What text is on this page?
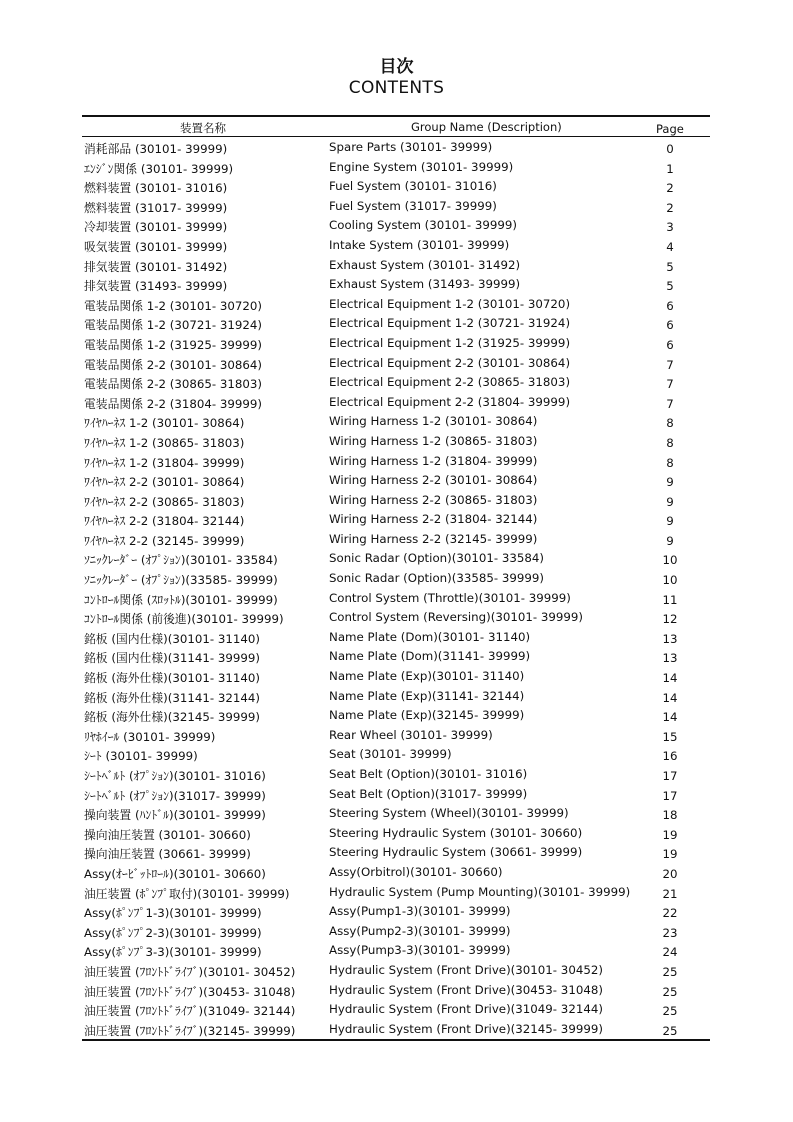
目次
CONTENTS
装置名称	Group Name (Description)	Page
消耗部品 (30101- 39999)	Spare Parts (30101- 39999)	0
ｴﾝｼﾞﾝ関係 (30101- 39999)	Engine System (30101- 39999)	1
燃料装置 (30101- 31016)	Fuel System (30101- 31016)	2
燃料装置 (31017- 39999)	Fuel System (31017- 39999)	2
冷却装置 (30101- 39999)	Cooling System (30101- 39999)	3
吸気装置 (30101- 39999)	Intake System (30101- 39999)	4
排気装置 (30101- 31492)	Exhaust System (30101- 31492)	5
排気装置 (31493- 39999)	Exhaust System (31493- 39999)	5
電装品関係 1-2 (30101- 30720)	Electrical Equipment 1-2 (30101- 30720)	6
電装品関係 1-2 (30721- 31924)	Electrical Equipment 1-2 (30721- 31924)	6
電装品関係 1-2 (31925- 39999)	Electrical Equipment 1-2 (31925- 39999)	6
電装品関係 2-2 (30101- 30864)	Electrical Equipment 2-2 (30101- 30864)	7
電装品関係 2-2 (30865- 31803)	Electrical Equipment 2-2 (30865- 31803)	7
電装品関係 2-2 (31804- 39999)	Electrical Equipment 2-2 (31804- 39999)	7
ﾜｲﾔﾊｰﾈｽ 1-2 (30101- 30864)	Wiring Harness 1-2 (30101- 30864)	8
ﾜｲﾔﾊｰﾈｽ 1-2 (30865- 31803)	Wiring Harness 1-2 (30865- 31803)	8
ﾜｲﾔﾊｰﾈｽ 1-2 (31804- 39999)	Wiring Harness 1-2 (31804- 39999)	8
ﾜｲﾔﾊｰﾈｽ 2-2 (30101- 30864)	Wiring Harness 2-2 (30101- 30864)	9
ﾜｲﾔﾊｰﾈｽ 2-2 (30865- 31803)	Wiring Harness 2-2 (30865- 31803)	9
ﾜｲﾔﾊｰﾈｽ 2-2 (31804- 32144)	Wiring Harness 2-2 (31804- 32144)	9
ﾜｲﾔﾊｰﾈｽ 2-2 (32145- 39999)	Wiring Harness 2-2 (32145- 39999)	9
ｿﾆｯｸﾚｰﾀﾞｰ (ｵﾌﾟｼｮﾝ)(30101- 33584)	Sonic Radar (Option)(30101- 33584)	10
ｿﾆｯｸﾚｰﾀﾞｰ (ｵﾌﾟｼｮﾝ)(33585- 39999)	Sonic Radar (Option)(33585- 39999)	10
ｺﾝﾄﾛｰﾙ関係 (ｽﾛｯﾄﾙ)(30101- 39999)	Control System (Throttle)(30101- 39999)	11
ｺﾝﾄﾛｰﾙ関係 (前後進)(30101- 39999)	Control System (Reversing)(30101- 39999)	12
銘板 (国内仕様)(30101- 31140)	Name Plate (Dom)(30101- 31140)	13
銘板 (国内仕様)(31141- 39999)	Name Plate (Dom)(31141- 39999)	13
銘板 (海外仕様)(30101- 31140)	Name Plate (Exp)(30101- 31140)	14
銘板 (海外仕様)(31141- 32144)	Name Plate (Exp)(31141- 32144)	14
銘板 (海外仕様)(32145- 39999)	Name Plate (Exp)(32145- 39999)	14
ﾘﾔﾎｲｰﾙ (30101- 39999)	Rear Wheel (30101- 39999)	15
ｼｰﾄ (30101- 39999)	Seat (30101- 39999)	16
ｼｰﾄﾍﾞﾙﾄ (ｵﾌﾟｼｮﾝ)(30101- 31016)	Seat Belt (Option)(30101- 31016)	17
ｼｰﾄﾍﾞﾙﾄ (ｵﾌﾟｼｮﾝ)(31017- 39999)	Seat Belt (Option)(31017- 39999)	17
操向装置 (ﾊﾝﾄﾞﾙ)(30101- 39999)	Steering System (Wheel)(30101- 39999)	18
操向油圧装置 (30101- 30660)	Steering Hydraulic System (30101- 30660)	19
操向油圧装置 (30661- 39999)	Steering Hydraulic System (30661- 39999)	19
Assy(ｵｰﾋﾞｯﾄﾛｰﾙ)(30101- 30660)	Assy(Orbitrol)(30101- 30660)	20
油圧装置 (ﾎﾟﾝﾌﾟ取付)(30101- 39999)	Hydraulic System (Pump Mounting)(30101- 39999)	21
Assy(ﾎﾟﾝﾌﾟ1-3)(30101- 39999)	Assy(Pump1-3)(30101- 39999)	22
Assy(ﾎﾟﾝﾌﾟ2-3)(30101- 39999)	Assy(Pump2-3)(30101- 39999)	23
Assy(ﾎﾟﾝﾌﾟ3-3)(30101- 39999)	Assy(Pump3-3)(30101- 39999)	24
油圧装置 (ﾌﾛﾝﾄﾄﾞﾗｲﾌﾞ)(30101- 30452)	Hydraulic System (Front Drive)(30101- 30452)	25
油圧装置 (ﾌﾛﾝﾄﾄﾞﾗｲﾌﾞ)(30453- 31048)	Hydraulic System (Front Drive)(30453- 31048)	25
油圧装置 (ﾌﾛﾝﾄﾄﾞﾗｲﾌﾞ)(31049- 32144)	Hydraulic System (Front Drive)(31049- 32144)	25
油圧装置 (ﾌﾛﾝﾄﾄﾞﾗｲﾌﾞ)(32145- 39999)	Hydraulic System (Front Drive)(32145- 39999)	25
